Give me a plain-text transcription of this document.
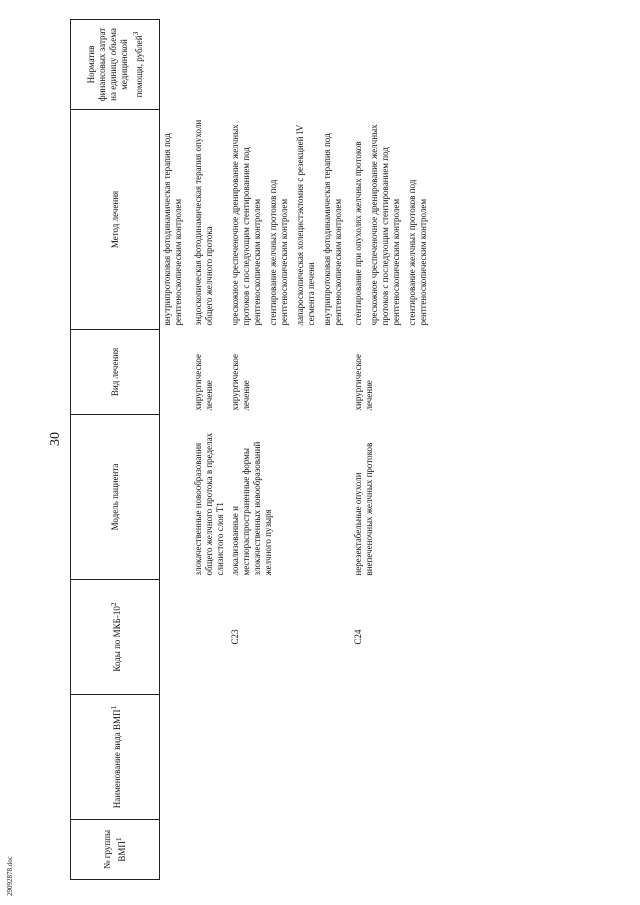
30
29092878.doc
№ группы ВМП$^1$	Наименование вида ВМП$^1$	Коды по МКБ-$10^2$	Модель пациента	Вид лечения	Метод лечения	Норматив финансовых затрат на единицу объема медицинской помощи, рублей$^3$

					внутрипротоковая фотодинамическая терапия под рентгеноскопическим контролем	

			злокачественные новообразования общего желчного протока в пределах слизистого слоя T1	хирургическое лечение	эндоскопическая фотодинамическая терапия опухоли общего желчного протока	

		C23	локализованные и местнораспространенные формы злокачественных новообразований желчного пузыря	хирургическое лечение	чрескожное чреспеченочное дренирование желчных протоков с последующим стентированием под рентгеноскопическим контролем стентирование желчных протоков под рентгеноскопическим контролем лапароскопическая холецистэктомия с резекцией IV сегмента печени внутрипротоковая фотодинамическая терапия под рентгеноскопическим контролем	

		C24	нерезектабельные опухоли внепеченочных желчных протоков	хирургическое лечение	стентирование при опухолях желчных протоков чрескожное чреспеченочное дренирование желчных протоков с последующим стентированием под рентгеноскопическим контролем стентирование желчных протоков под рентгеноскопическим контролем	
